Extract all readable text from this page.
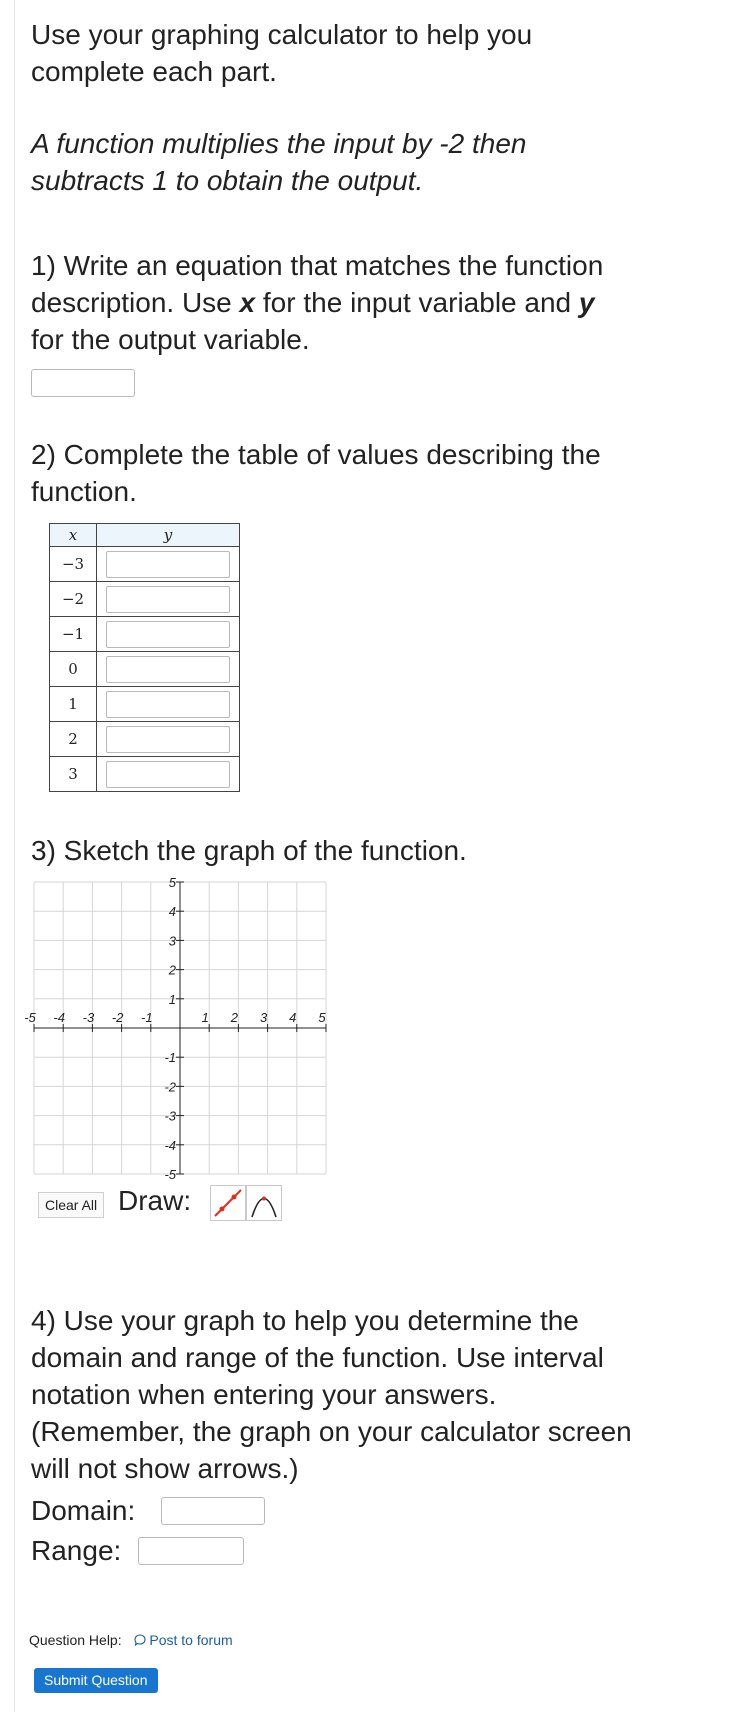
Use your graphing calculator to help you

complete each part.

A function multiplies the input by -2 then

subtracts 1 to obtain the output.

1) Write an equation that matches the function

description. Use x for the input variable and y

for the output variable.

2) Complete the table of values describing the

function.

x	y
−3	

−2	

−1	

0	

1	

2	

3	

3) Sketch the graph of the function.

-5 -4 -3 -2 -1	1 2 3 4 5
5
4
3
2
1
-1
-2
-3
-4
-5
Clear All Draw:

4) Use your graph to help you determine the

domain and range of the function. Use interval

notation when entering your answers.

(Remember, the graph on your calculator screen

will not show arrows.)

Domain:

Range:

Question Help: Post to forum
Submit Question
